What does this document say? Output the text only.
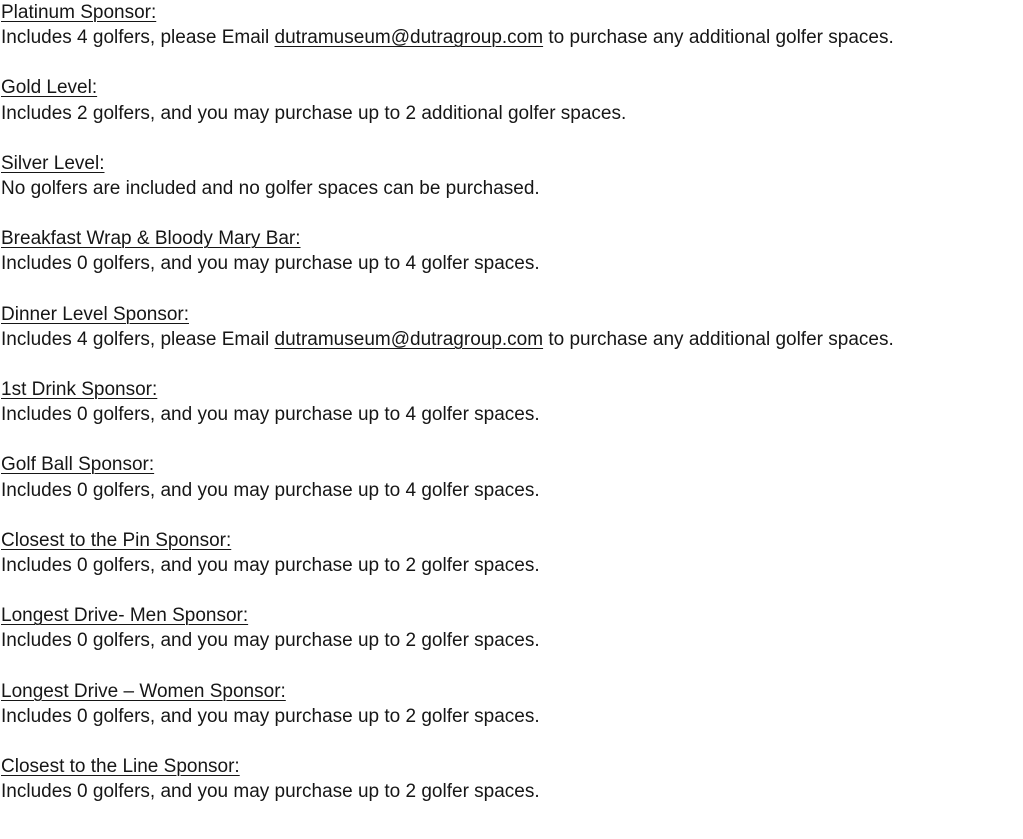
Platinum Sponsor:

Includes 4 golfers, please Email dutramuseum@dutragroup.com to purchase any additional golfer spaces.

Gold Level:

Includes 2 golfers, and you may purchase up to 2 additional golfer spaces.

Silver Level:

No golfers are included and no golfer spaces can be purchased.

Breakfast Wrap & Bloody Mary Bar:

Includes 0 golfers, and you may purchase up to 4 golfer spaces.

Dinner Level Sponsor:

Includes 4 golfers, please Email dutramuseum@dutragroup.com to purchase any additional golfer spaces.

1st Drink Sponsor:

Includes 0 golfers, and you may purchase up to 4 golfer spaces.

Golf Ball Sponsor:

Includes 0 golfers, and you may purchase up to 4 golfer spaces.

Closest to the Pin Sponsor:

Includes 0 golfers, and you may purchase up to 2 golfer spaces.

Longest Drive- Men Sponsor:

Includes 0 golfers, and you may purchase up to 2 golfer spaces.

Longest Drive – Women Sponsor:

Includes 0 golfers, and you may purchase up to 2 golfer spaces.

Closest to the Line Sponsor:

Includes 0 golfers, and you may purchase up to 2 golfer spaces.
